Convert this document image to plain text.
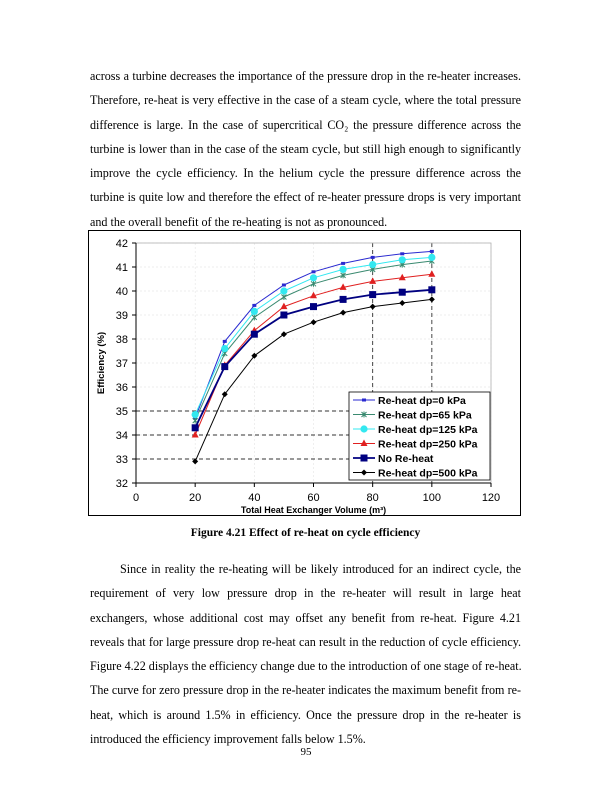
across a turbine decreases the importance of the pressure drop in the re-heater increases.
Therefore, re-heat is very effective in the case of a steam cycle, where the total pressure
difference is large. In the case of supercritical CO₂ the pressure difference across the
turbine is lower than in the case of the steam cycle, but still high enough to significantly
improve the cycle efficiency. In the helium cycle the pressure difference across the
turbine is quite low and therefore the effect of re-heater pressure drops is very important
and the overall benefit of the re-heating is not as pronounced.
32
33
34
35
36
37
38
39
40
41
42
0	20	40	60	80	100	120
Total Heat Exchanger Volume (m³)
Efficiency (%)
Re-heat dp=0 kPa
Re-heat dp=65 kPa
Re-heat dp=125 kPa
Re-heat dp=250 kPa
No Re-heat
Re-heat dp=500 kPa
Figure 4.21 Effect of re-heat on cycle efficiency
Since in reality the re-heating will be likely introduced for an indirect cycle, the
requirement of very low pressure drop in the re-heater will result in large heat
exchangers, whose additional cost may offset any benefit from re-heat. Figure 4.21
reveals that for large pressure drop re-heat can result in the reduction of cycle efficiency.
Figure 4.22 displays the efficiency change due to the introduction of one stage of re-heat.
The curve for zero pressure drop in the re-heater indicates the maximum benefit from re-
heat, which is around 1.5% in efficiency. Once the pressure drop in the re-heater is
introduced the efficiency improvement falls below 1.5%.
95
